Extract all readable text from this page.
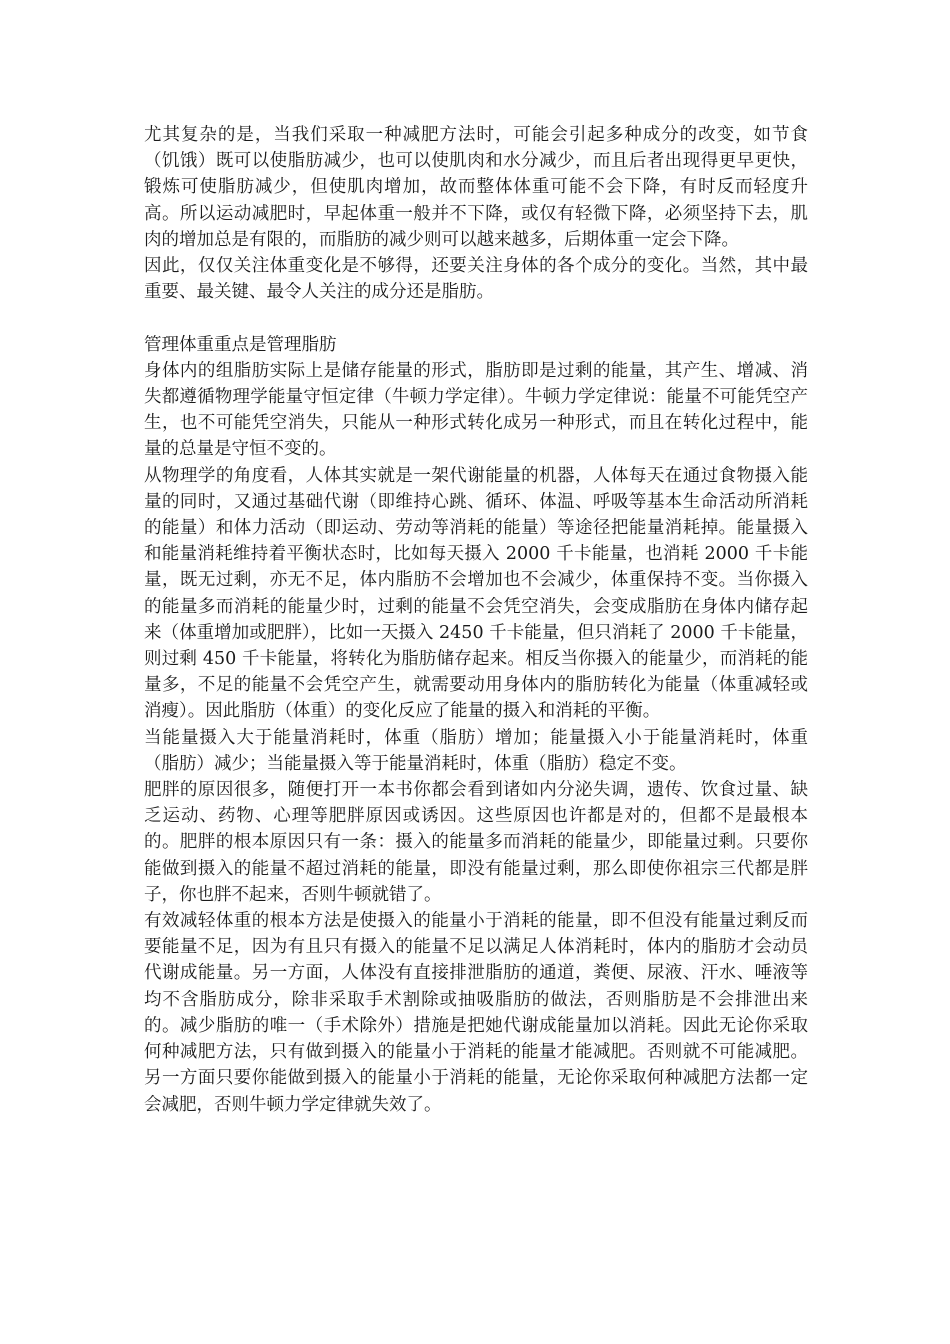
尤其复杂的是，当我们采取一种减肥方法时，可能会引起多种成分的改变，如节食（饥饿）既可以使脂肪减少，也可以使肌肉和水分减少，而且后者出现得更早更快，锻炼可使脂肪减少，但使肌肉增加，故而整体体重可能不会下降，有时反而轻度升高。所以运动减肥时，早起体重一般并不下降，或仅有轻微下降，必须坚持下去，肌肉的增加总是有限的，而脂肪的减少则可以越来越多，后期体重一定会下降。

因此，仅仅关注体重变化是不够得，还要关注身体的各个成分的变化。当然，其中最重要、最关键、最令人关注的成分还是脂肪。

管理体重重点是管理脂肪

身体内的组脂肪实际上是储存能量的形式，脂肪即是过剩的能量，其产生、增减、消失都遵循物理学能量守恒定律（牛顿力学定律）。牛顿力学定律说：能量不可能凭空产生，也不可能凭空消失，只能从一种形式转化成另一种形式，而且在转化过程中，能量的总量是守恒不变的。

从物理学的角度看，人体其实就是一架代谢能量的机器，人体每天在通过食物摄入能量的同时，又通过基础代谢（即维持心跳、循环、体温、呼吸等基本生命活动所消耗的能量）和体力活动（即运动、劳动等消耗的能量）等途径把能量消耗掉。能量摄入和能量消耗维持着平衡状态时，比如每天摄入 2000 千卡能量，也消耗 2000 千卡能量，既无过剩，亦无不足，体内脂肪不会增加也不会减少，体重保持不变。当你摄入的能量多而消耗的能量少时，过剩的能量不会凭空消失，会变成脂肪在身体内储存起来（体重增加或肥胖），比如一天摄入 2450 千卡能量，但只消耗了 2000 千卡能量，则过剩 450 千卡能量，将转化为脂肪储存起来。相反当你摄入的能量少，而消耗的能量多，不足的能量不会凭空产生，就需要动用身体内的脂肪转化为能量（体重减轻或消瘦）。因此脂肪（体重）的变化反应了能量的摄入和消耗的平衡。

当能量摄入大于能量消耗时，体重（脂肪）增加；能量摄入小于能量消耗时，体重（脂肪）减少；当能量摄入等于能量消耗时，体重（脂肪）稳定不变。

肥胖的原因很多，随便打开一本书你都会看到诸如内分泌失调，遗传、饮食过量、缺乏运动、药物、心理等肥胖原因或诱因。这些原因也许都是对的，但都不是最根本的。肥胖的根本原因只有一条：摄入的能量多而消耗的能量少，即能量过剩。只要你能做到摄入的能量不超过消耗的能量，即没有能量过剩，那么即使你祖宗三代都是胖子，你也胖不起来，否则牛顿就错了。

有效减轻体重的根本方法是使摄入的能量小于消耗的能量，即不但没有能量过剩反而要能量不足，因为有且只有摄入的能量不足以满足人体消耗时，体内的脂肪才会动员代谢成能量。另一方面，人体没有直接排泄脂肪的通道，粪便、尿液、汗水、唾液等均不含脂肪成分，除非采取手术割除或抽吸脂肪的做法，否则脂肪是不会排泄出来的。减少脂肪的唯一（手术除外）措施是把她代谢成能量加以消耗。因此无论你采取何种减肥方法，只有做到摄入的能量小于消耗的能量才能减肥。否则就不可能减肥。另一方面只要你能做到摄入的能量小于消耗的能量，无论你采取何种减肥方法都一定会减肥，否则牛顿力学定律就失效了。
